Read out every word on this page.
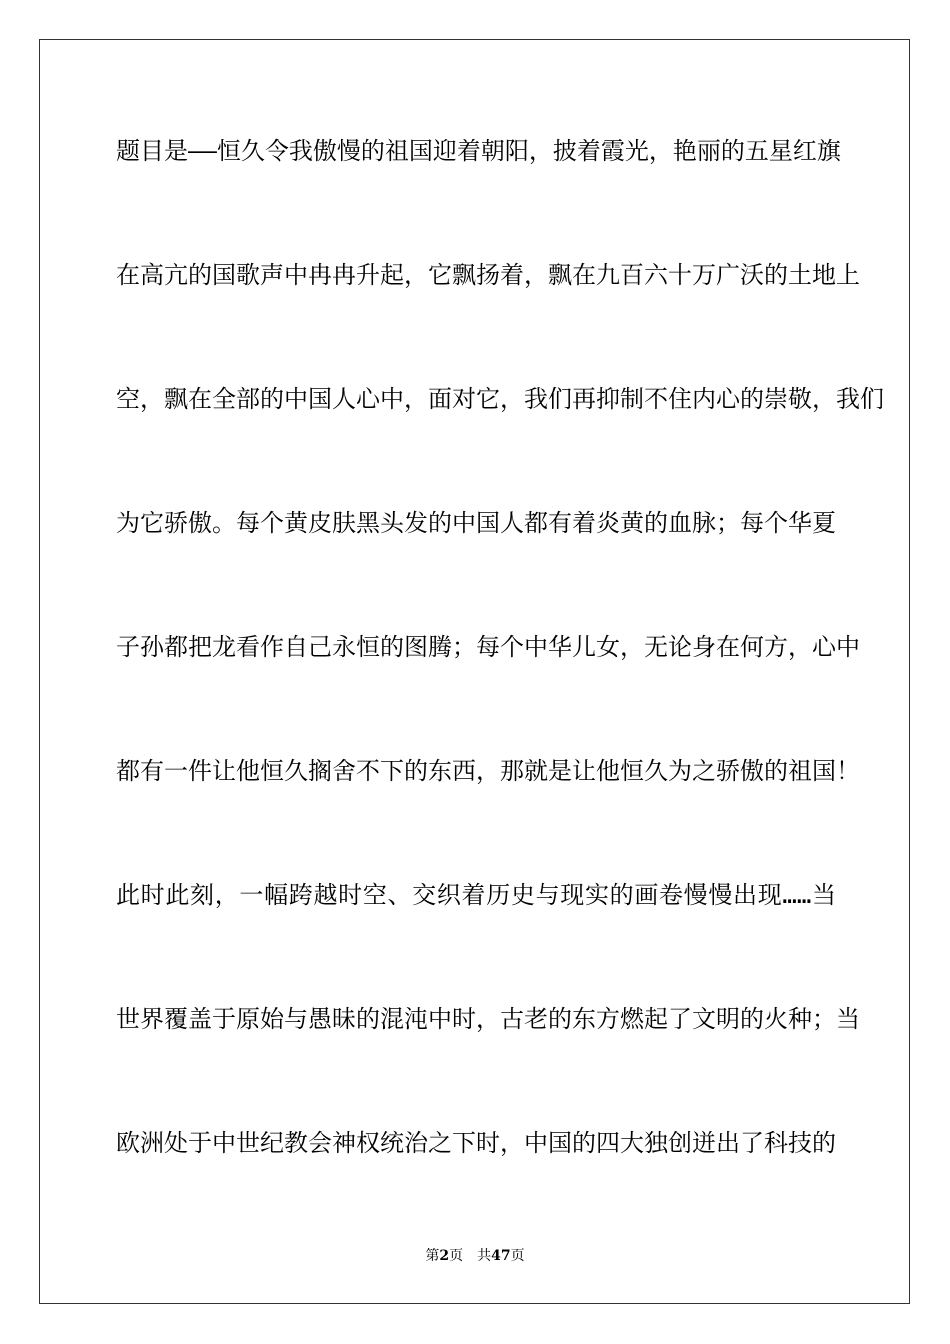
题目是——恒久令我傲慢的祖国迎着朝阳，披着霞光，艳丽的五星红旗
在高亢的国歌声中冉冉升起，它飘扬着，飘在九百六十万广沃的土地上
空，飘在全部的中国人心中，面对它，我们再抑制不住内心的崇敬，我们
为它骄傲。每个黄皮肤黑头发的中国人都有着炎黄的血脉；每个华夏
子孙都把龙看作自己永恒的图腾；每个中华儿女，无论身在何方，心中
都有一件让他恒久搁舍不下的东西，那就是让他恒久为之骄傲的祖国！
此时此刻，一幅跨越时空、交织着历史与现实的画卷慢慢出现……当
世界覆盖于原始与愚昧的混沌中时，古老的东方燃起了文明的火种；当
欧洲处于中世纪教会神权统治之下时，中国的四大独创迸出了科技的
第2页 共47页
